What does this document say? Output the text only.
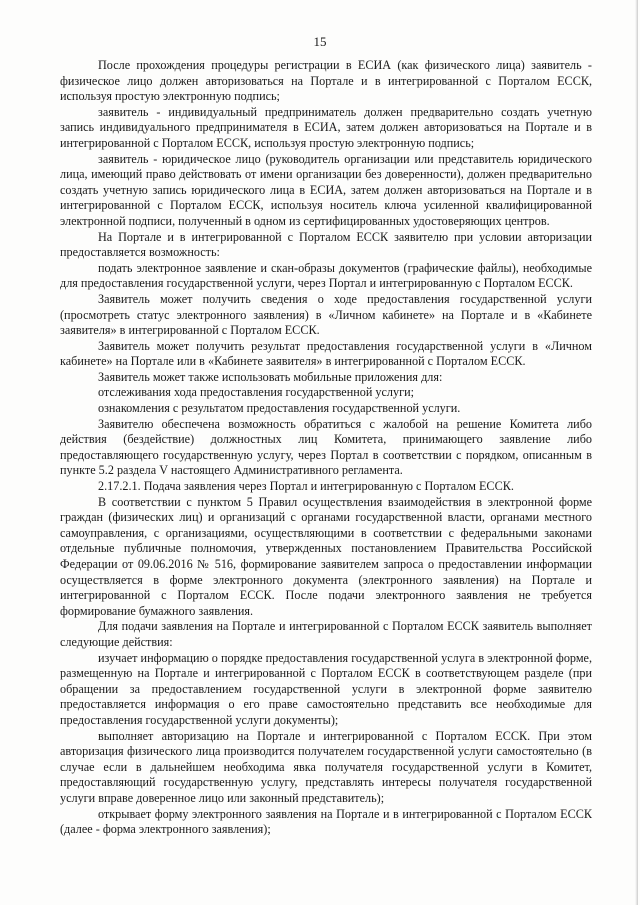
15

После прохождения процедуры регистрации в ЕСИА (как физического лица) заявитель - физическое лицо должен авторизоваться на Портале и в интегрированной с Порталом ЕССК, используя простую электронную подпись;

заявитель - индивидуальный предприниматель должен предварительно создать учетную запись индивидуального предпринимателя в ЕСИА, затем должен авторизоваться на Портале и в интегрированной с Порталом ЕССК, используя простую электронную подпись;

заявитель - юридическое лицо (руководитель организации или представитель юридического лица, имеющий право действовать от имени организации без доверенности), должен предварительно создать учетную запись юридического лица в ЕСИА, затем должен авторизоваться на Портале и в интегрированной с Порталом ЕССК, используя носитель ключа усиленной квалифицированной электронной подписи, полученный в одном из сертифицированных удостоверяющих центров.

На Портале и в интегрированной с Порталом ЕССК заявителю при условии авторизации предоставляется возможность:

подать электронное заявление и скан-образы документов (графические файлы), необходимые для предоставления государственной услуги, через Портал и интегрированную с Порталом ЕССК.

Заявитель может получить сведения о ходе предоставления государственной услуги (просмотреть статус электронного заявления) в «Личном кабинете» на Портале и в «Кабинете заявителя» в интегрированной с Порталом ЕССК.

Заявитель может получить результат предоставления государственной услуги в «Личном кабинете» на Портале или в «Кабинете заявителя» в интегрированной с Порталом ЕССК.

Заявитель может также использовать мобильные приложения для:

отслеживания хода предоставления государственной услуги;

ознакомления с результатом предоставления государственной услуги.

Заявителю обеспечена возможность обратиться с жалобой на решение Комитета либо действия (бездействие) должностных лиц Комитета, принимающего заявление либо предоставляющего государственную услугу, через Портал в соответствии с порядком, описанным в пункте 5.2 раздела V настоящего Административного регламента.

2.17.2.1. Подача заявления через Портал и интегрированную с Порталом ЕССК.

В соответствии с пунктом 5 Правил осуществления взаимодействия в электронной форме граждан (физических лиц) и организаций с органами государственной власти, органами местного самоуправления, с организациями, осуществляющими в соответствии с федеральными законами отдельные публичные полномочия, утвержденных постановлением Правительства Российской Федерации от 09.06.2016 № 516, формирование заявителем запроса о предоставлении информации осуществляется в форме электронного документа (электронного заявления) на Портале и интегрированной с Порталом ЕССК. После подачи электронного заявления не требуется формирование бумажного заявления.

Для подачи заявления на Портале и интегрированной с Порталом ЕССК заявитель выполняет следующие действия:

изучает информацию о порядке предоставления государственной услуга в электронной форме, размещенную на Портале и интегрированной с Порталом ЕССК в соответствующем разделе (при обращении за предоставлением государственной услуги в электронной форме заявителю предоставляется информация о его праве самостоятельно представить все необходимые для предоставления государственной услуги документы);

выполняет авторизацию на Портале и интегрированной с Порталом ЕССК. При этом авторизация физического лица производится получателем государственной услуги самостоятельно (в случае если в дальнейшем необходима явка получателя государственной услуги в Комитет, предоставляющий государственную услугу, представлять интересы получателя государственной услуги вправе доверенное лицо или законный представитель);

открывает форму электронного заявления на Портале и в интегрированной с Порталом ЕССК (далее - форма электронного заявления);
